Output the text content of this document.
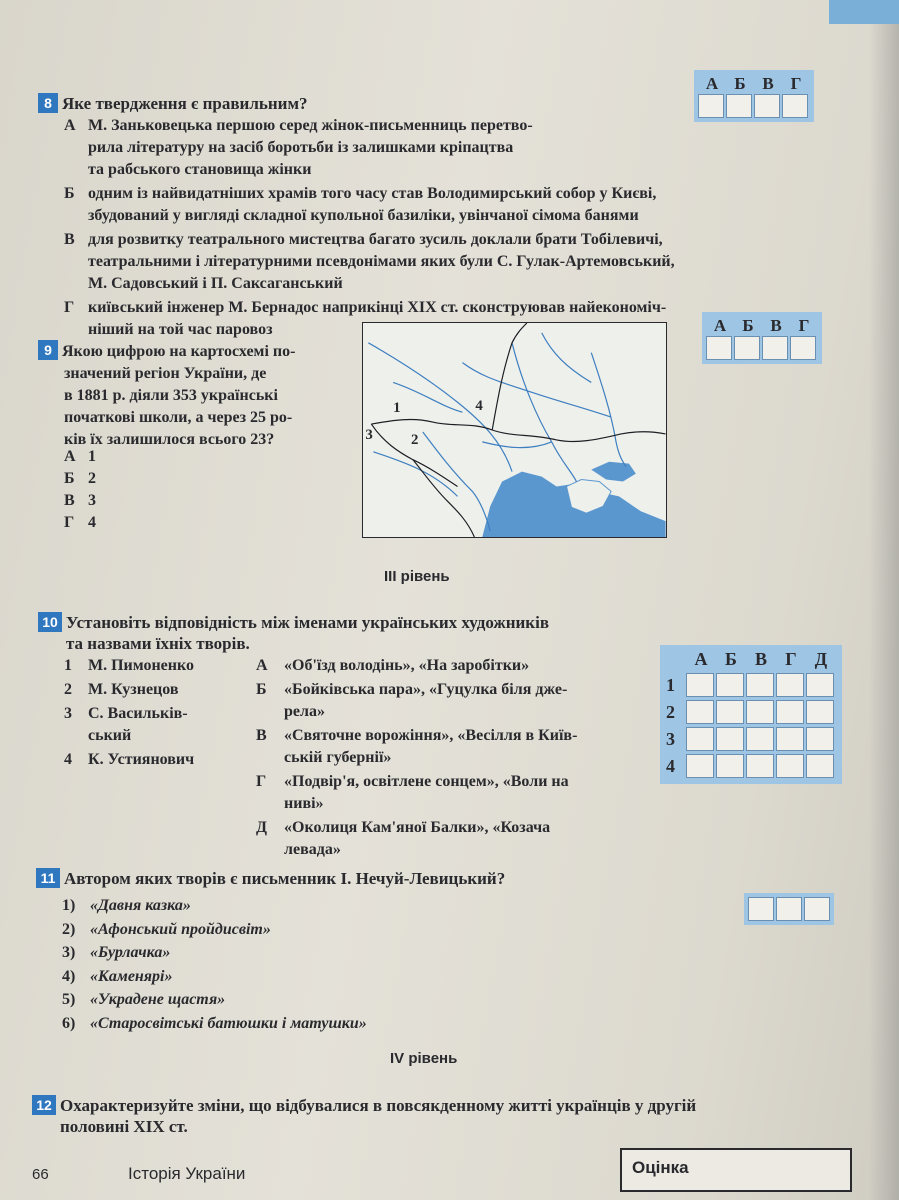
8 Яке твердження є правильним?
А М. Заньковецька першою серед жінок-письменниць перетво-
рила літературу на засіб боротьби із залишками кріпацтва
та рабського становища жінки
Б одним із найвидатніших храмів того часу став Володимирський собор у Києві,
збудований у вигляді складної купольної базиліки, увінчаної сімома банями
В для розвитку театрального мистецтва багато зусиль доклали брати Тобілевичі,
театральними і літературними псевдонімами яких були С. Гулак-Артемовський,
М. Садовський і П. Саксаганський
Г київський інженер М. Бернадос наприкінці XIX ст. сконструював найекономіч-
ніший на той час паровоз
А Б В Г
9 Якою цифрою на картосхемі по-
значений регіон України, де
в 1881 р. діяли 353 українські
початкові школи, а через 25 ро-
ків їх залишилося всього 23?
А 1
Б 2
В 3
Г 4
1
2
3
4
А Б В Г
III рівень
10 Установіть відповідність між іменами українських художників
та назвами їхніх творів.
1	М. Пимоненко
2	М. Кузнецов
3	С. Васильків-
ський
4	К. Устиянович
А	«Об'їзд володінь», «На заробітки»
Б	«Бойківська пара», «Гуцулка біля дже-
рела»
В	«Святочне ворожіння», «Весілля в Київ-
ській губернії»
Г	«Подвір'я, освітлене сонцем», «Воли на
ниві»
Д	«Околиця Кам'яної Балки», «Козача
левада»
А Б	В	Г	Д
1
2
3
4
11 Автором яких творів є письменник І. Нечуй-Левицький?
1) «Давня казка»
2) «Афонський пройдисвіт»
3) «Бурлачка»
4) «Каменярі»
5) «Украдене щастя»
6) «Старосвітські батюшки і матушки»
IV рівень
12 Охарактеризуйте зміни, що відбувалися в повсякденному житті українців у другій
половині XIX ст.
66	Історія України	Оцінка
